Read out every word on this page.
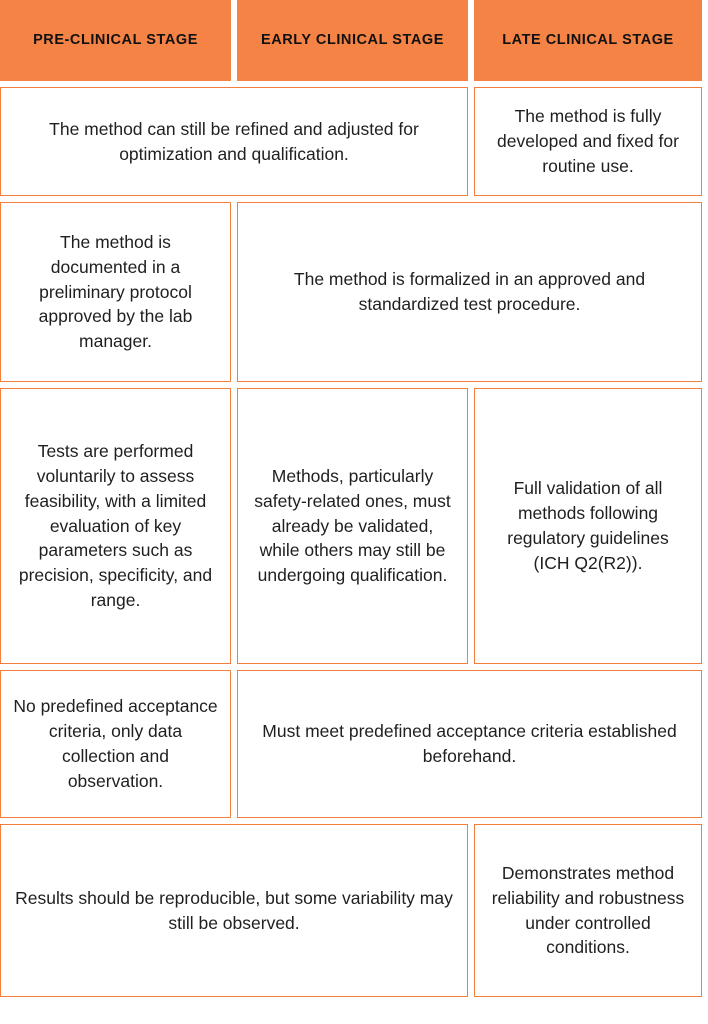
PRE-CLINICAL STAGE	EARLY CLINICAL STAGE	LATE CLINICAL STAGE
The method can still be refined and adjusted for optimization and qualification.
The method is fully developed and fixed for routine use.
The method is documented in a preliminary protocol approved by the lab manager.
The method is formalized in an approved and standardized test procedure.
Tests are performed voluntarily to assess feasibility, with a limited evaluation of key parameters such as precision, specificity, and range.
Methods, particularly safety-related ones, must already be validated, while others may still be undergoing qualification.
Full validation of all methods following regulatory guidelines (ICH Q2(R2)).
No predefined acceptance criteria, only data collection and observation.
Must meet predefined acceptance criteria established beforehand.
Results should be reproducible, but some variability may still be observed.
Demonstrates method reliability and robustness under controlled conditions.
